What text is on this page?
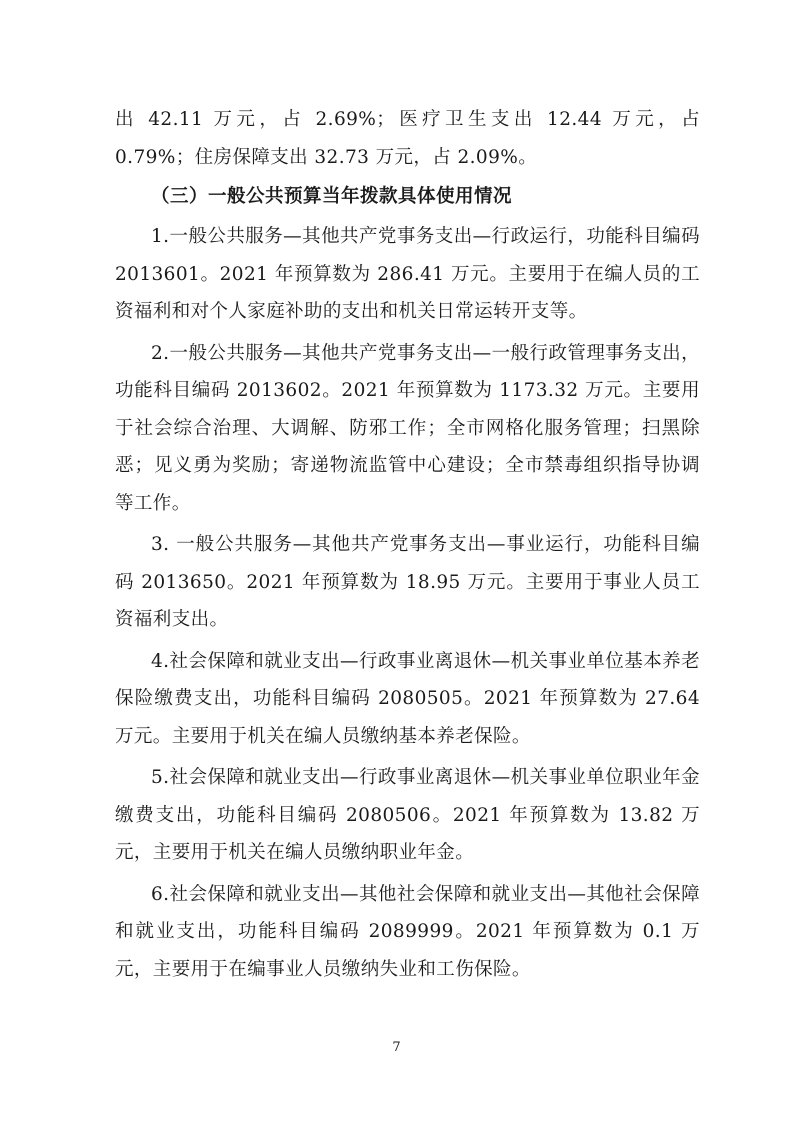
出 42.11 万元，占 2.69%；医疗卫生支出 12.44 万元，占 0.79%；住房保障支出 32.73 万元，占 2.09%。

（三）一般公共预算当年拨款具体使用情况

1.一般公共服务—其他共产党事务支出—行政运行，功能科目编码 2013601。2021 年预算数为 286.41 万元。主要用于在编人员的工资福利和对个人家庭补助的支出和机关日常运转开支等。

2.一般公共服务—其他共产党事务支出—一般行政管理事务支出，功能科目编码 2013602。2021 年预算数为 1173.32 万元。主要用于社会综合治理、大调解、防邪工作；全市网格化服务管理；扫黑除恶；见义勇为奖励；寄递物流监管中心建设；全市禁毒组织指导协调等工作。

3. 一般公共服务—其他共产党事务支出—事业运行，功能科目编码 2013650。2021 年预算数为 18.95 万元。主要用于事业人员工资福利支出。

4.社会保障和就业支出—行政事业离退休—机关事业单位基本养老保险缴费支出，功能科目编码 2080505。2021 年预算数为 27.64 万元。主要用于机关在编人员缴纳基本养老保险。

5.社会保障和就业支出—行政事业离退休—机关事业单位职业年金缴费支出，功能科目编码 2080506。2021 年预算数为 13.82 万元，主要用于机关在编人员缴纳职业年金。

6.社会保障和就业支出—其他社会保障和就业支出—其他社会保障和就业支出，功能科目编码 2089999。2021 年预算数为 0.1 万元，主要用于在编事业人员缴纳失业和工伤保险。

7
